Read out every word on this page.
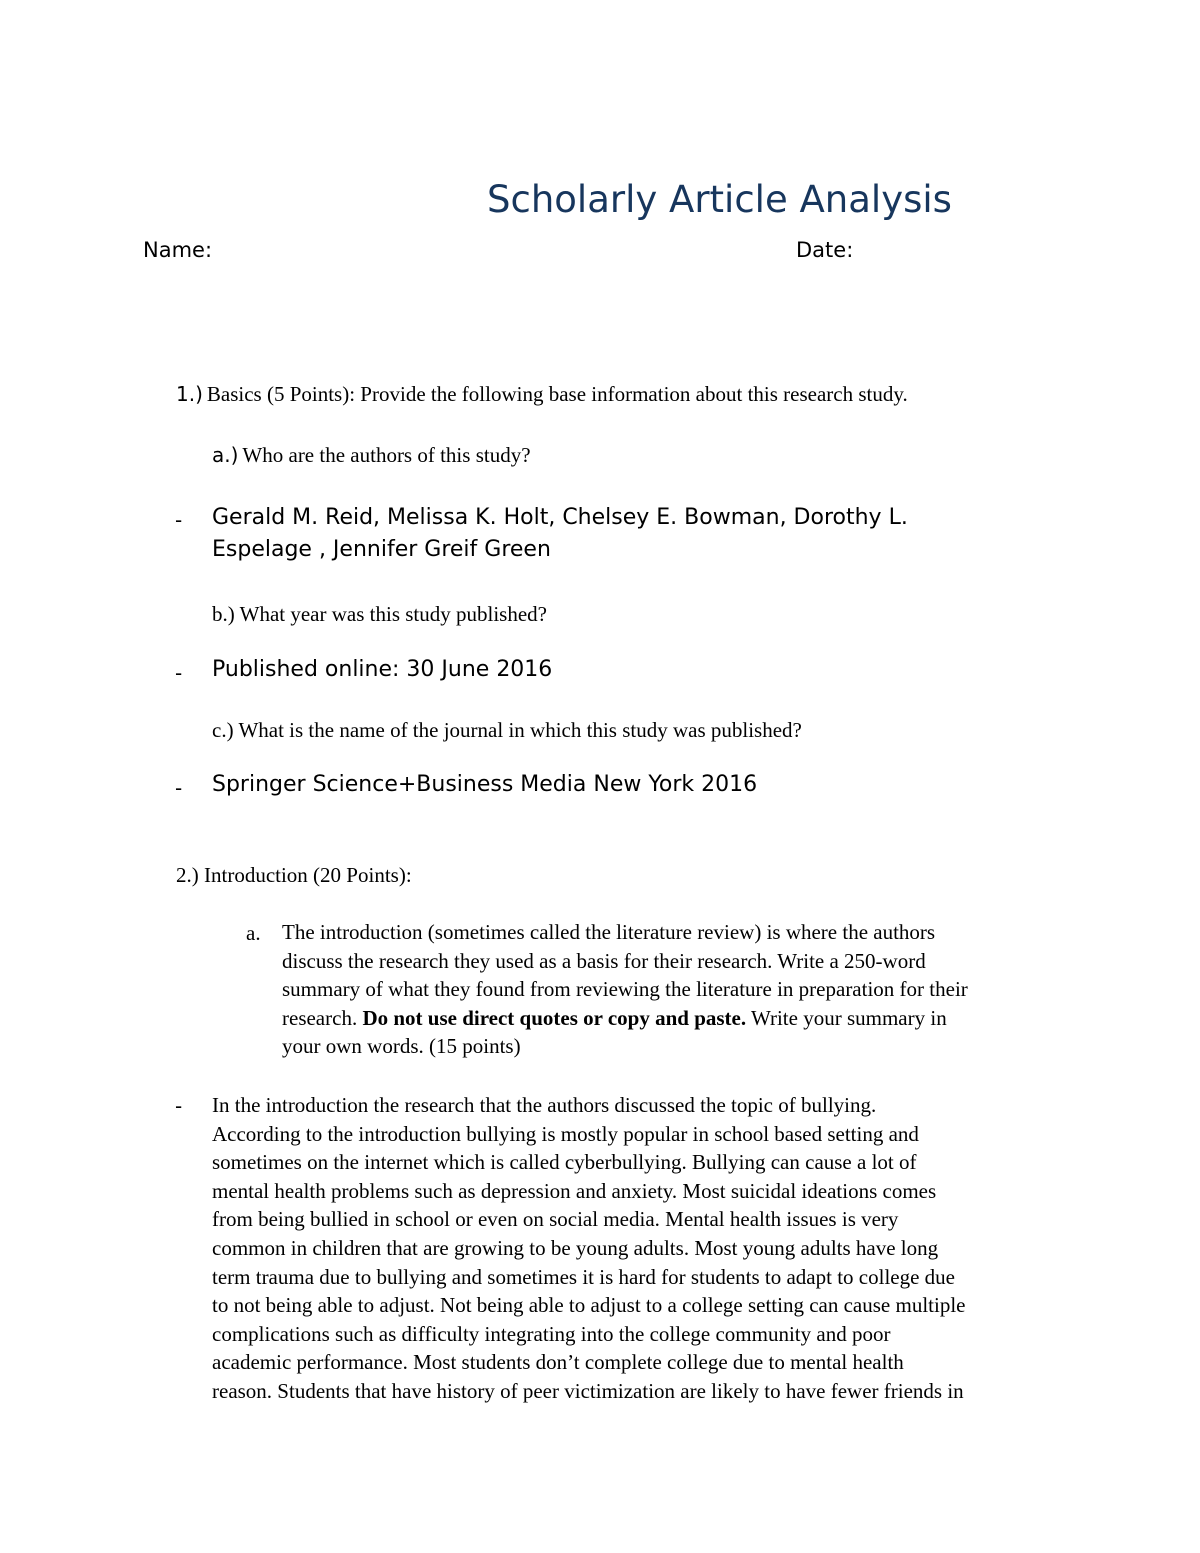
Scholarly Article Analysis
Name:	Date:
1.) Basics (5 Points): Provide the following base information about this research study.
a.) Who are the authors of this study?
- Gerald M. Reid, Melissa K. Holt, Chelsey E. Bowman, Dorothy L.
Espelage , Jennifer Greif Green
b.) What year was this study published?
- Published online: 30 June 2016
c.) What is the name of the journal in which this study was published?
- Springer Science+Business Media New York 2016
2.) Introduction (20 Points):
a. The introduction (sometimes called the literature review) is where the authors
discuss the research they used as a basis for their research. Write a 250-word
summary of what they found from reviewing the literature in preparation for their
research. Do not use direct quotes or copy and paste. Write your summary in
your own words. (15 points)
- In the introduction the research that the authors discussed the topic of bullying.
According to the introduction bullying is mostly popular in school based setting and
sometimes on the internet which is called cyberbullying. Bullying can cause a lot of
mental health problems such as depression and anxiety. Most suicidal ideations comes
from being bullied in school or even on social media. Mental health issues is very
common in children that are growing to be young adults. Most young adults have long
term trauma due to bullying and sometimes it is hard for students to adapt to college due
to not being able to adjust. Not being able to adjust to a college setting can cause multiple
complications such as difficulty integrating into the college community and poor
academic performance. Most students don’t complete college due to mental health
reason. Students that have history of peer victimization are likely to have fewer friends in
